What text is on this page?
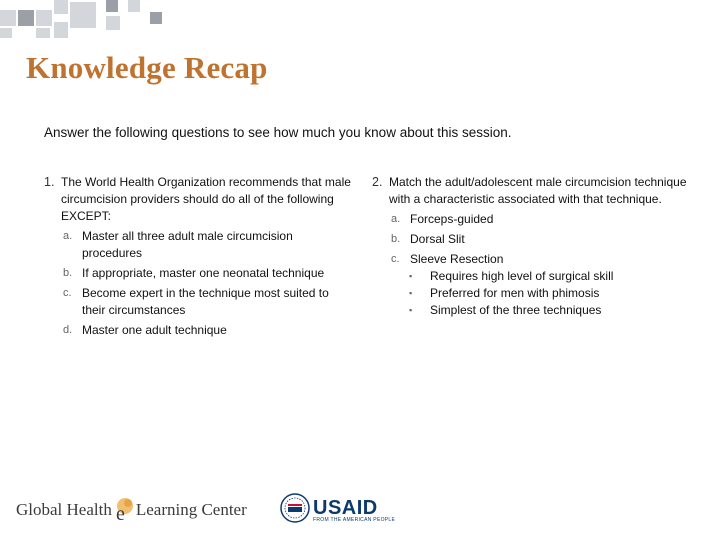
Knowledge Recap
Answer the following questions to see how much you know about this session.
1. The World Health Organization recommends that male circumcision providers should do all of the following EXCEPT:
a. Master all three adult male circumcision procedures
b. If appropriate, master one neonatal technique
c. Become expert in the technique most suited to their circumstances
d. Master one adult technique
2. Match the adult/adolescent male circumcision technique with a characteristic associated with that technique.
a. Forceps-guided
b. Dorsal Slit
c. Sleeve Resection
▪	Requires high level of surgical skill
▪	Preferred for men with phimosis
▪	Simplest of the three techniques
Global Health e Learning Center	USAID
FROM THE AMERICAN PEOPLE
